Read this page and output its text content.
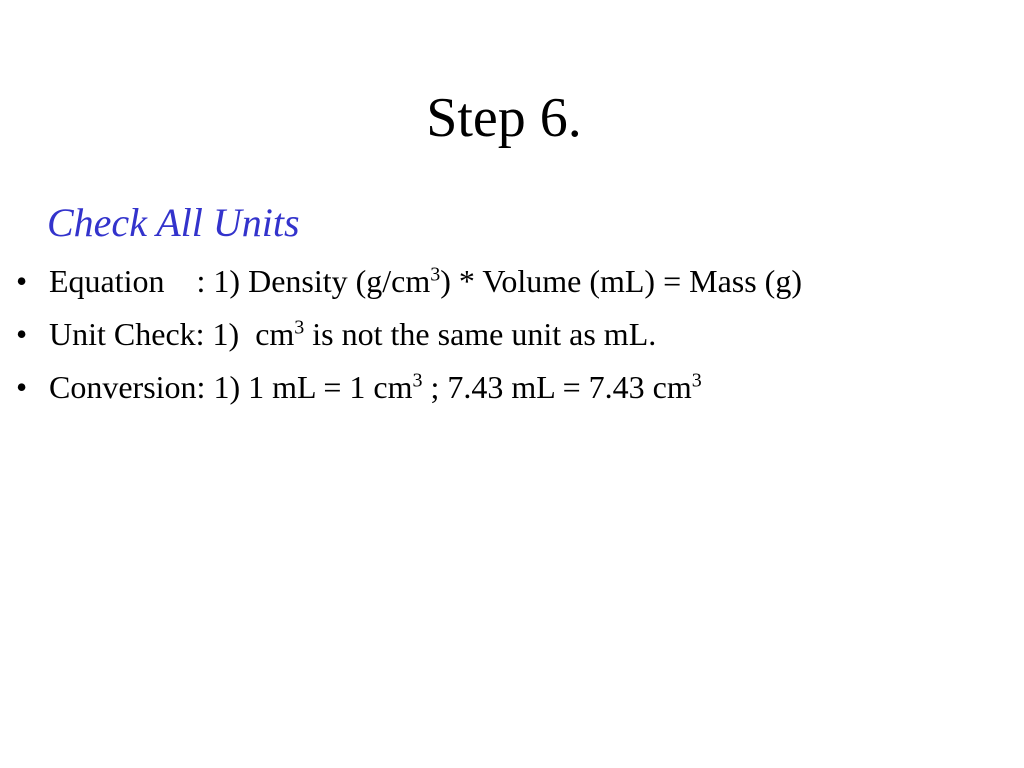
Step 6.

Check All Units

• Equation    : 1) Density $(g/cm^3)$ * Volume (mL) = Mass (g)
• Unit Check: 1)  $cm^3$ is not the same unit as mL.
• Conversion: 1) 1 mL = 1 $cm^3$ ; 7.43 mL = 7.43 $cm^3$
